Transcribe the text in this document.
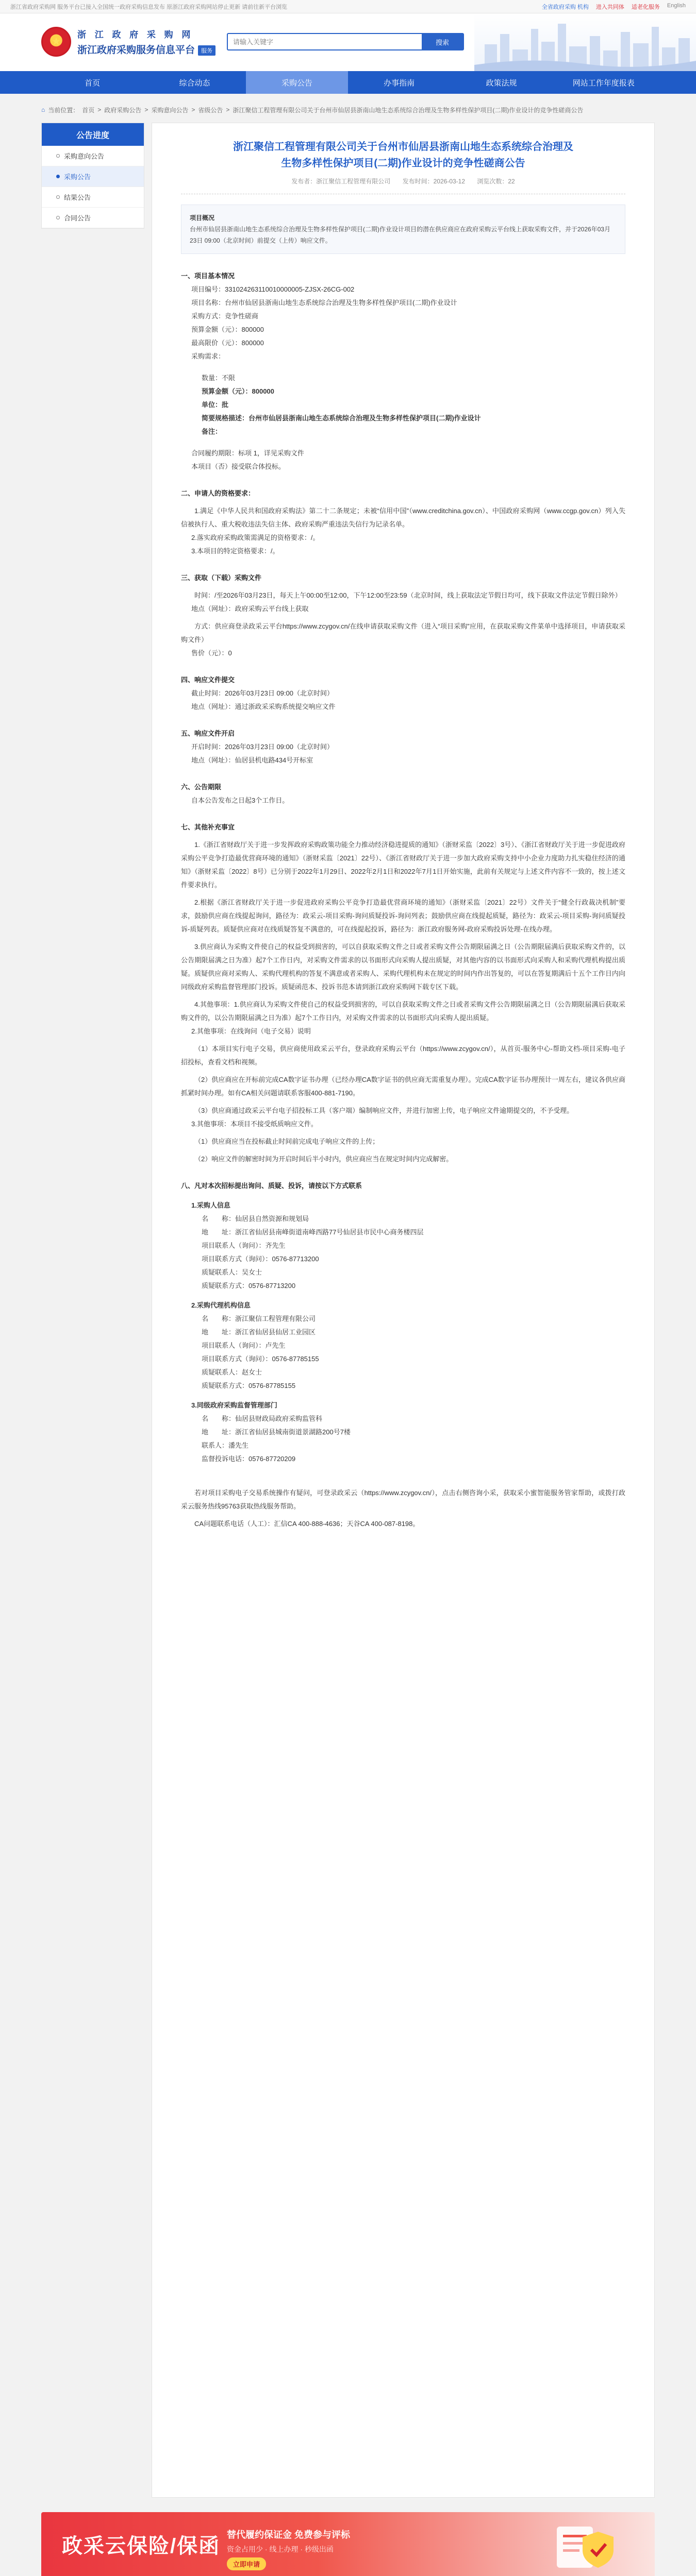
浙江省政府采购网 服务平台已接入全国统一政府采购信息发布 原浙江政府采购网站停止更新 请前往新平台浏览	全省政府采购 机构 进入共同体 适老化服务 English
★
浙 江 政 府 采 购 网
浙江政府采购服务信息平台 服务
请输入关键字
搜索
首页	综合动态	采购公告	办事指南	政策法规	网站工作年度报表
⌂ 当前位置： 首页 > 政府采购公告 > 采购意向公告 > 省级公告 > 浙江聚信工程管理有限公司关于台州市仙居县浙南山地生态系统综合治理及生物多样性保护项目(二期)作业设计的竞争性磋商公告
公告进度
采购意向公告
采购公告
结果公告
合同公告
浙江聚信工程管理有限公司关于台州市仙居县浙南山地生态系统综合治理及
生物多样性保护项目(二期)作业设计的竞争性磋商公告
发布者：浙江聚信工程管理有限公司 发布时间：2026-03-12 浏览次数：22
项目概况
台州市仙居县浙南山地生态系统综合治理及生物多样性保护项目(二期)作业设计项目的潜在供应商应在政府采购云平台线上获取采购文件，并于2026年03月23日 09:00（北京时间）前提交（上传）响应文件。
一、项目基本情况
项目编号：331024263110010000005-ZJSX-26CG-002
项目名称：台州市仙居县浙南山地生态系统综合治理及生物多样性保护项目(二期)作业设计
采购方式：竞争性磋商
预算金额（元）：800000
最高限价（元）：800000
采购需求：
数量：不限
预算金额（元）：800000
单位：批
简要规格描述：台州市仙居县浙南山地生态系统综合治理及生物多样性保护项目(二期)作业设计
备注：
合同履约期限：标项 1，详见采购文件
本项目（否）接受联合体投标。
二、申请人的资格要求：
1.满足《中华人民共和国政府采购法》第二十二条规定；未被“信用中国”（www.creditchina.gov.cn）、中国政府采购网（www.ccgp.gov.cn）列入失信被执行人、重大税收违法失信主体、政府采购严重违法失信行为记录名单。
2.落实政府采购政策需满足的资格要求：/。
3.本项目的特定资格要求：/。
三、获取（下载）采购文件
时间：/至2026年03月23日，每天上午00:00至12:00，下午12:00至23:59（北京时间，线上获取法定节假日均可，线下获取文件法定节假日除外）
地点（网址）：政府采购云平台线上获取
方式：供应商登录政采云平台https://www.zcygov.cn/在线申请获取采购文件（进入“项目采购”应用，在获取采购文件菜单中选择项目，申请获取采购文件）
售价（元）：0
四、响应文件提交
截止时间：2026年03月23日 09:00（北京时间）
地点（网址）：通过浙政采采购系统提交响应文件
五、响应文件开启
开启时间：2026年03月23日 09:00（北京时间）
地点（网址）：仙居县机电路434号开标室
六、公告期限
自本公告发布之日起3个工作日。
七、其他补充事宜
1.《浙江省财政厅关于进一步发挥政府采购政策功能全力推动经济稳进提质的通知》（浙财采监〔2022〕3号）、《浙江省财政厅关于进一步促进政府采购公平竞争打造最优营商环境的通知》（浙财采监〔2021〕22号）、《浙江省财政厅关于进一步加大政府采购支持中小企业力度助力扎实稳住经济的通知》（浙财采监〔2022〕8号）已分别于2022年1月29日、2022年2月1日和2022年7月1日开始实施，此前有关规定与上述文件内容不一致的，按上述文件要求执行。
2.根据《浙江省财政厅关于进一步促进政府采购公平竞争打造最优营商环境的通知》（浙财采监〔2021〕22号）文件关于“健全行政裁决机制”要求，鼓励供应商在线提起询问，路径为：政采云-项目采购-询问质疑投诉-询问列表；鼓励供应商在线提起质疑，路径为：政采云-项目采购-询问质疑投诉-质疑列表。质疑供应商对在线质疑答复不满意的，可在线提起投诉，路径为：浙江政府服务网-政府采购投诉处理-在线办理。
3.供应商认为采购文件使自己的权益受到损害的，可以自获取采购文件之日或者采购文件公告期限届满之日（公告期限届满后获取采购文件的，以公告期限届满之日为准）起7个工作日内，对采购文件需求的以书面形式向采购人提出质疑，对其他内容的以书面形式向采购人和采购代理机构提出质疑。质疑供应商对采购人、采购代理机构的答复不满意或者采购人、采购代理机构未在规定的时间内作出答复的，可以在答复期满后十五个工作日内向同级政府采购监督管理部门投诉。质疑函范本、投诉书范本请到浙江政府采购网下载专区下载。
4.其他事项：1.供应商认为采购文件使自己的权益受到损害的，可以自获取采购文件之日或者采购文件公告期限届满之日（公告期限届满后获取采购文件的，以公告期限届满之日为准）起7个工作日内，对采购文件需求的以书面形式向采购人提出质疑。
2.其他事项：在线询问（电子交易）说明
（1）本项目实行电子交易，供应商使用政采云平台，登录政府采购云平台（https://www.zcygov.cn/），从首页-服务中心-帮助文档-项目采购-电子招投标，查看文档和视频。
（2）供应商应在开标前完成CA数字证书办理（已经办理CA数字证书的供应商无需重复办理）。完成CA数字证书办理预计一周左右，建议各供应商抓紧时间办理。如有CA相关问题请联系客服400-881-7190。
（3）供应商通过政采云平台电子招投标工具（客户端）编制响应文件，并进行加密上传，电子响应文件逾期提交的，不予受理。
3.其他事项：本项目不接受纸质响应文件。
（1）供应商应当在投标截止时间前完成电子响应文件的上传；
（2）响应文件的解密时间为开启时间后半小时内，供应商应当在规定时间内完成解密。
八、凡对本次招标提出询问、质疑、投诉，请按以下方式联系
1.采购人信息
名　　称：仙居县自然资源和规划局
地　　址：浙江省仙居县南峰街道南峰西路77号仙居县市民中心商务楼四层
项目联系人（询问）：齐先生
项目联系方式（询问）：0576-87713200
质疑联系人：吴女士
质疑联系方式：0576-87713200
2.采购代理机构信息
名　　称：浙江聚信工程管理有限公司
地　　址：浙江省仙居县仙居工业园区
项目联系人（询问）：卢先生
项目联系方式（询问）：0576-87785155
质疑联系人：赵女士
质疑联系方式：0576-87785155
3.同级政府采购监督管理部门
名　　称：仙居县财政局政府采购监管科
地　　址：浙江省仙居县城南街道景湖路200号7楼
联系人：潘先生
监督投诉电话：0576-87720209
若对项目采购电子交易系统操作有疑问，可登录政采云（https://www.zcygov.cn/），点击右侧咨询小采，获取采小蜜智能服务管家帮助，或拨打政采云服务热线95763获取热线服务帮助。
CA问题联系电话（人工）：汇信CA 400-888-4636；天谷CA 400-087-8198。
政采云保险/保函 替代履约保证金 免费参与评标
资金占用少 · 线上办理 · 秒级出函
立即申请
